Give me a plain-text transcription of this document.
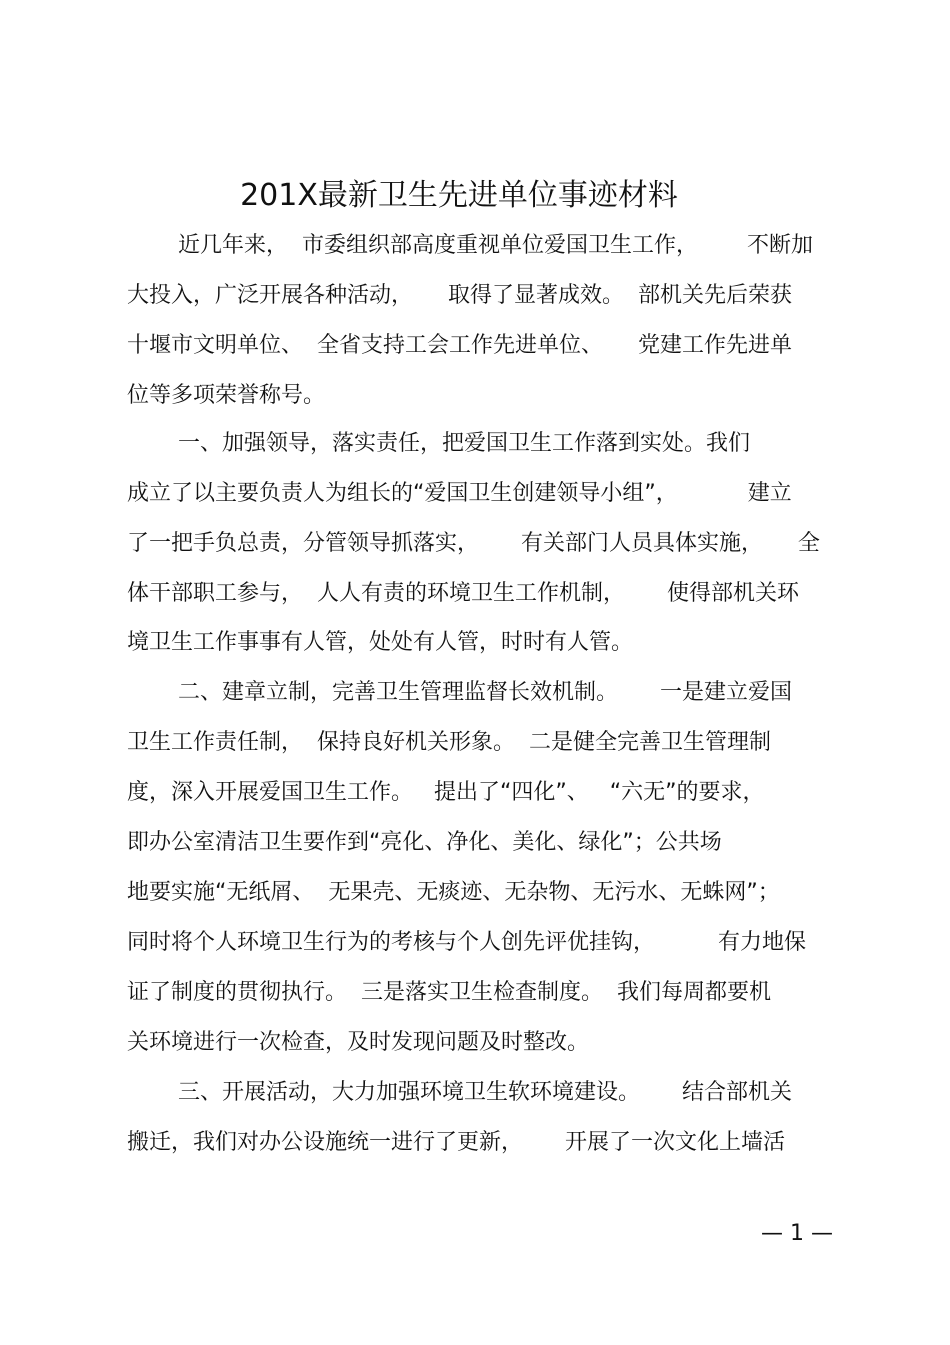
201X最新卫生先进单位事迹材料
近几年来，  市委组织部高度重视单位爱国卫生工作，       不断加
大投入，广泛开展各种活动，     取得了显著成效。  部机关先后荣获
十堰市文明单位、  全省支持工会工作先进单位、     党建工作先进单
位等多项荣誉称号。
一、加强领导，落实责任，把爱国卫生工作落到实处。我们
成立了以主要负责人为组长的“爱国卫生创建领导小组”，          建立
了一把手负总责，分管领导抓落实，      有关部门人员具体实施，     全
体干部职工参与，  人人有责的环境卫生工作机制，      使得部机关环
境卫生工作事事有人管，处处有人管，时时有人管。
二、建章立制，完善卫生管理监督长效机制。      一是建立爱国
卫生工作责任制，  保持良好机关形象。  二是健全完善卫生管理制
度，深入开展爱国卫生工作。   提出了“四化”、   “六无”的要求，
即办公室清洁卫生要作到“亮化、净化、美化、绿化”；公共场
地要实施“无纸屑、  无果壳、无痰迹、无杂物、无污水、无蛛网”；
同时将个人环境卫生行为的考核与个人创先评优挂钩，         有力地保
证了制度的贯彻执行。  三是落实卫生检查制度。  我们每周都要机
关环境进行一次检查，及时发现问题及时整改。
三、开展活动，大力加强环境卫生软环境建设。      结合部机关
搬迁，我们对办公设施统一进行了更新，      开展了一次文化上墙活
— 1 —
